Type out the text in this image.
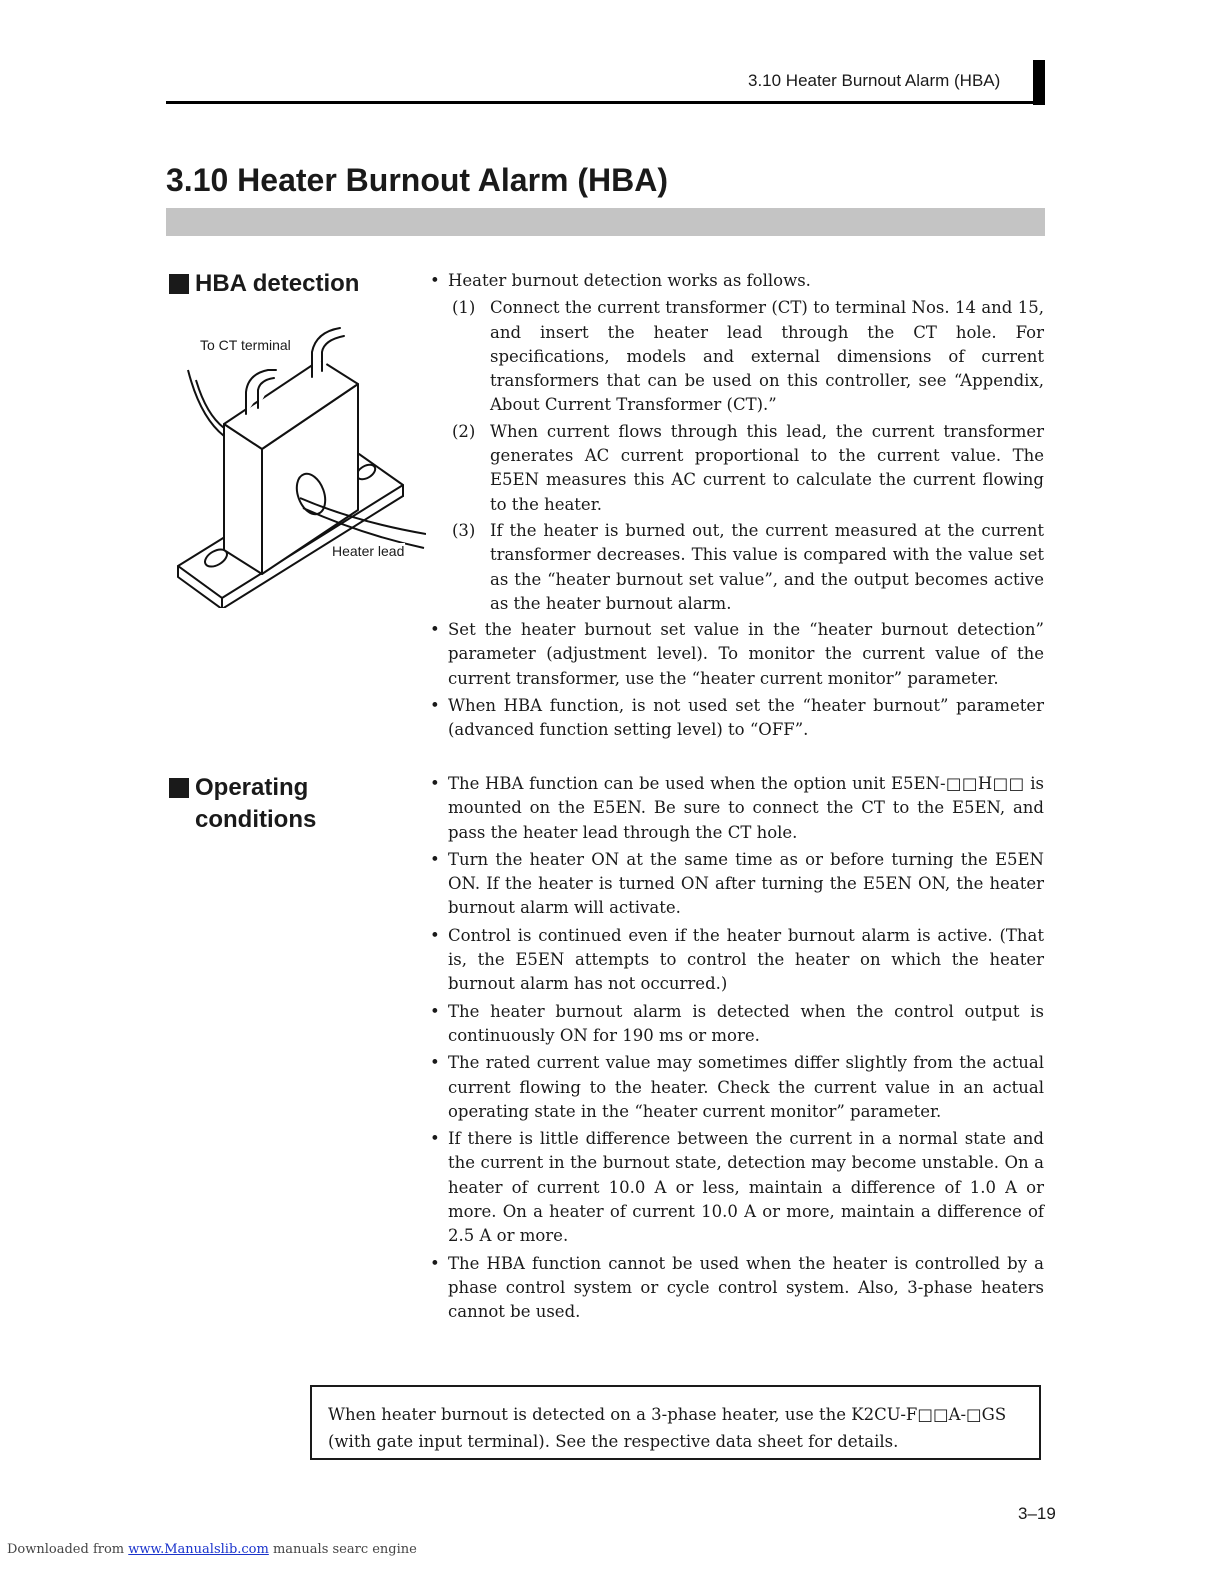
3.10 Heater Burnout Alarm (HBA)
3.10 Heater Burnout Alarm (HBA)
HBA detection
To CT terminal
Heater lead
• Heater burnout detection works as follows.
(1) Connect the current transformer (CT) to terminal Nos. 14 and 15, and insert the heater lead through the CT hole. For specifications, models and external dimensions of current transformers that can be used on this controller, see “Appendix, About Current Transformer (CT).”
(2) When current flows through this lead, the current transformer generates AC current proportional to the current value. The E5EN measures this AC current to calculate the current flowing to the heater.
(3) If the heater is burned out, the current measured at the current transformer decreases. This value is compared with the value set as the “heater burnout set value”, and the output becomes active as the heater burnout alarm.
• Set the heater burnout set value in the “heater burnout detection” parameter (adjustment level). To monitor the current value of the current transformer, use the “heater current monitor” parameter.
• When HBA function, is not used set the “heater burnout” parameter (advanced function setting level) to “OFF”.
Operating
conditions
• The HBA function can be used when the option unit E5EN-□□H□□ is mounted on the E5EN. Be sure to connect the CT to the E5EN, and pass the heater lead through the CT hole.
• Turn the heater ON at the same time as or before turning the E5EN ON. If the heater is turned ON after turning the E5EN ON, the heater burnout alarm will activate.
• Control is continued even if the heater burnout alarm is active. (That is, the E5EN attempts to control the heater on which the heater burnout alarm has not occurred.)
• The heater burnout alarm is detected when the control output is continuously ON for 190 ms or more.
• The rated current value may sometimes differ slightly from the actual current flowing to the heater. Check the current value in an actual operating state in the “heater current monitor” parameter.
• If there is little difference between the current in a normal state and the current in the burnout state, detection may become unstable. On a heater of current 10.0 A or less, maintain a difference of 1.0 A or more. On a heater of current 10.0 A or more, maintain a difference of 2.5 A or more.
• The HBA function cannot be used when the heater is controlled by a phase control system or cycle control system. Also, 3-phase heaters cannot be used.
When heater burnout is detected on a 3-phase heater, use the K2CU-F□□A-□GS (with gate input terminal). See the respective data sheet for details.
3–19
Downloaded from www.Manualslib.com manuals searc engine
